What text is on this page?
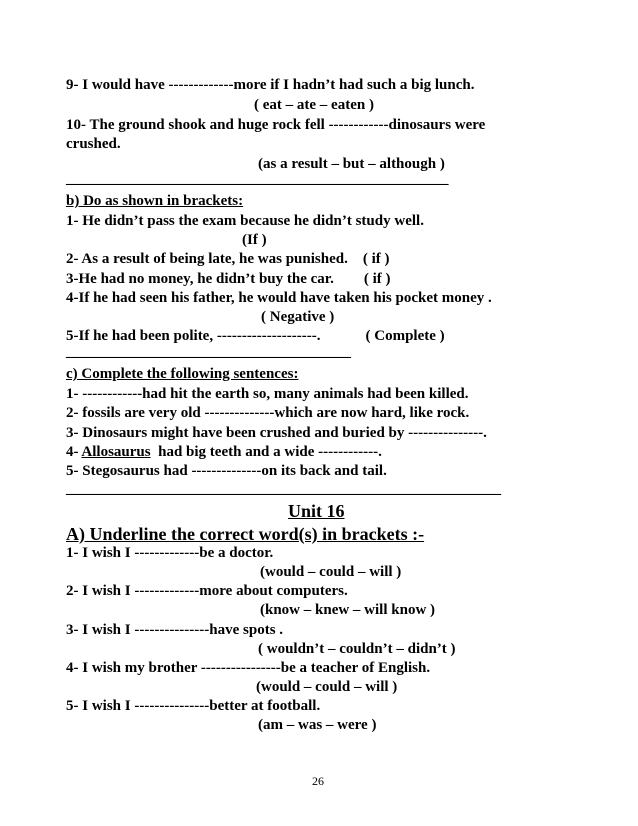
9- I would have -------------more if I hadn’t had such a big lunch.
( eat – ate – eaten )
10- The ground shook and huge rock fell ------------dinosaurs were
crushed.
(as a result – but – although )
___________________________________________________
b) Do as shown in brackets:
1- He didn’t pass the exam because he didn’t study well.
(If )
2- As a result of being late, he was punished.    ( if )
3-He had no money, he didn’t buy the car.        ( if )
4-If he had seen his father, he would have taken his pocket money .
( Negative )
5-If he had been polite, --------------------.            ( Complete )
______________________________________
c) Complete the following sentences:
1- ------------had hit the earth so, many animals had been killed.
2- fossils are very old --------------which are now hard, like rock.
3- Dinosaurs might have been crushed and buried by ---------------.
4- Allosaurus  had big teeth and a wide ------------.
5- Stegosaurus had --------------on its back and tail.
__________________________________________________________
Unit 16
A) Underline the correct word(s) in brackets :-
1- I wish I -------------be a doctor.
(would – could – will )
2- I wish I -------------more about computers.
(know – knew – will know )
3- I wish I ---------------have spots .
( wouldn’t – couldn’t – didn’t )
4- I wish my brother ----------------be a teacher of English.
(would – could – will )
5- I wish I ---------------better at football.
(am – was – were )
26
